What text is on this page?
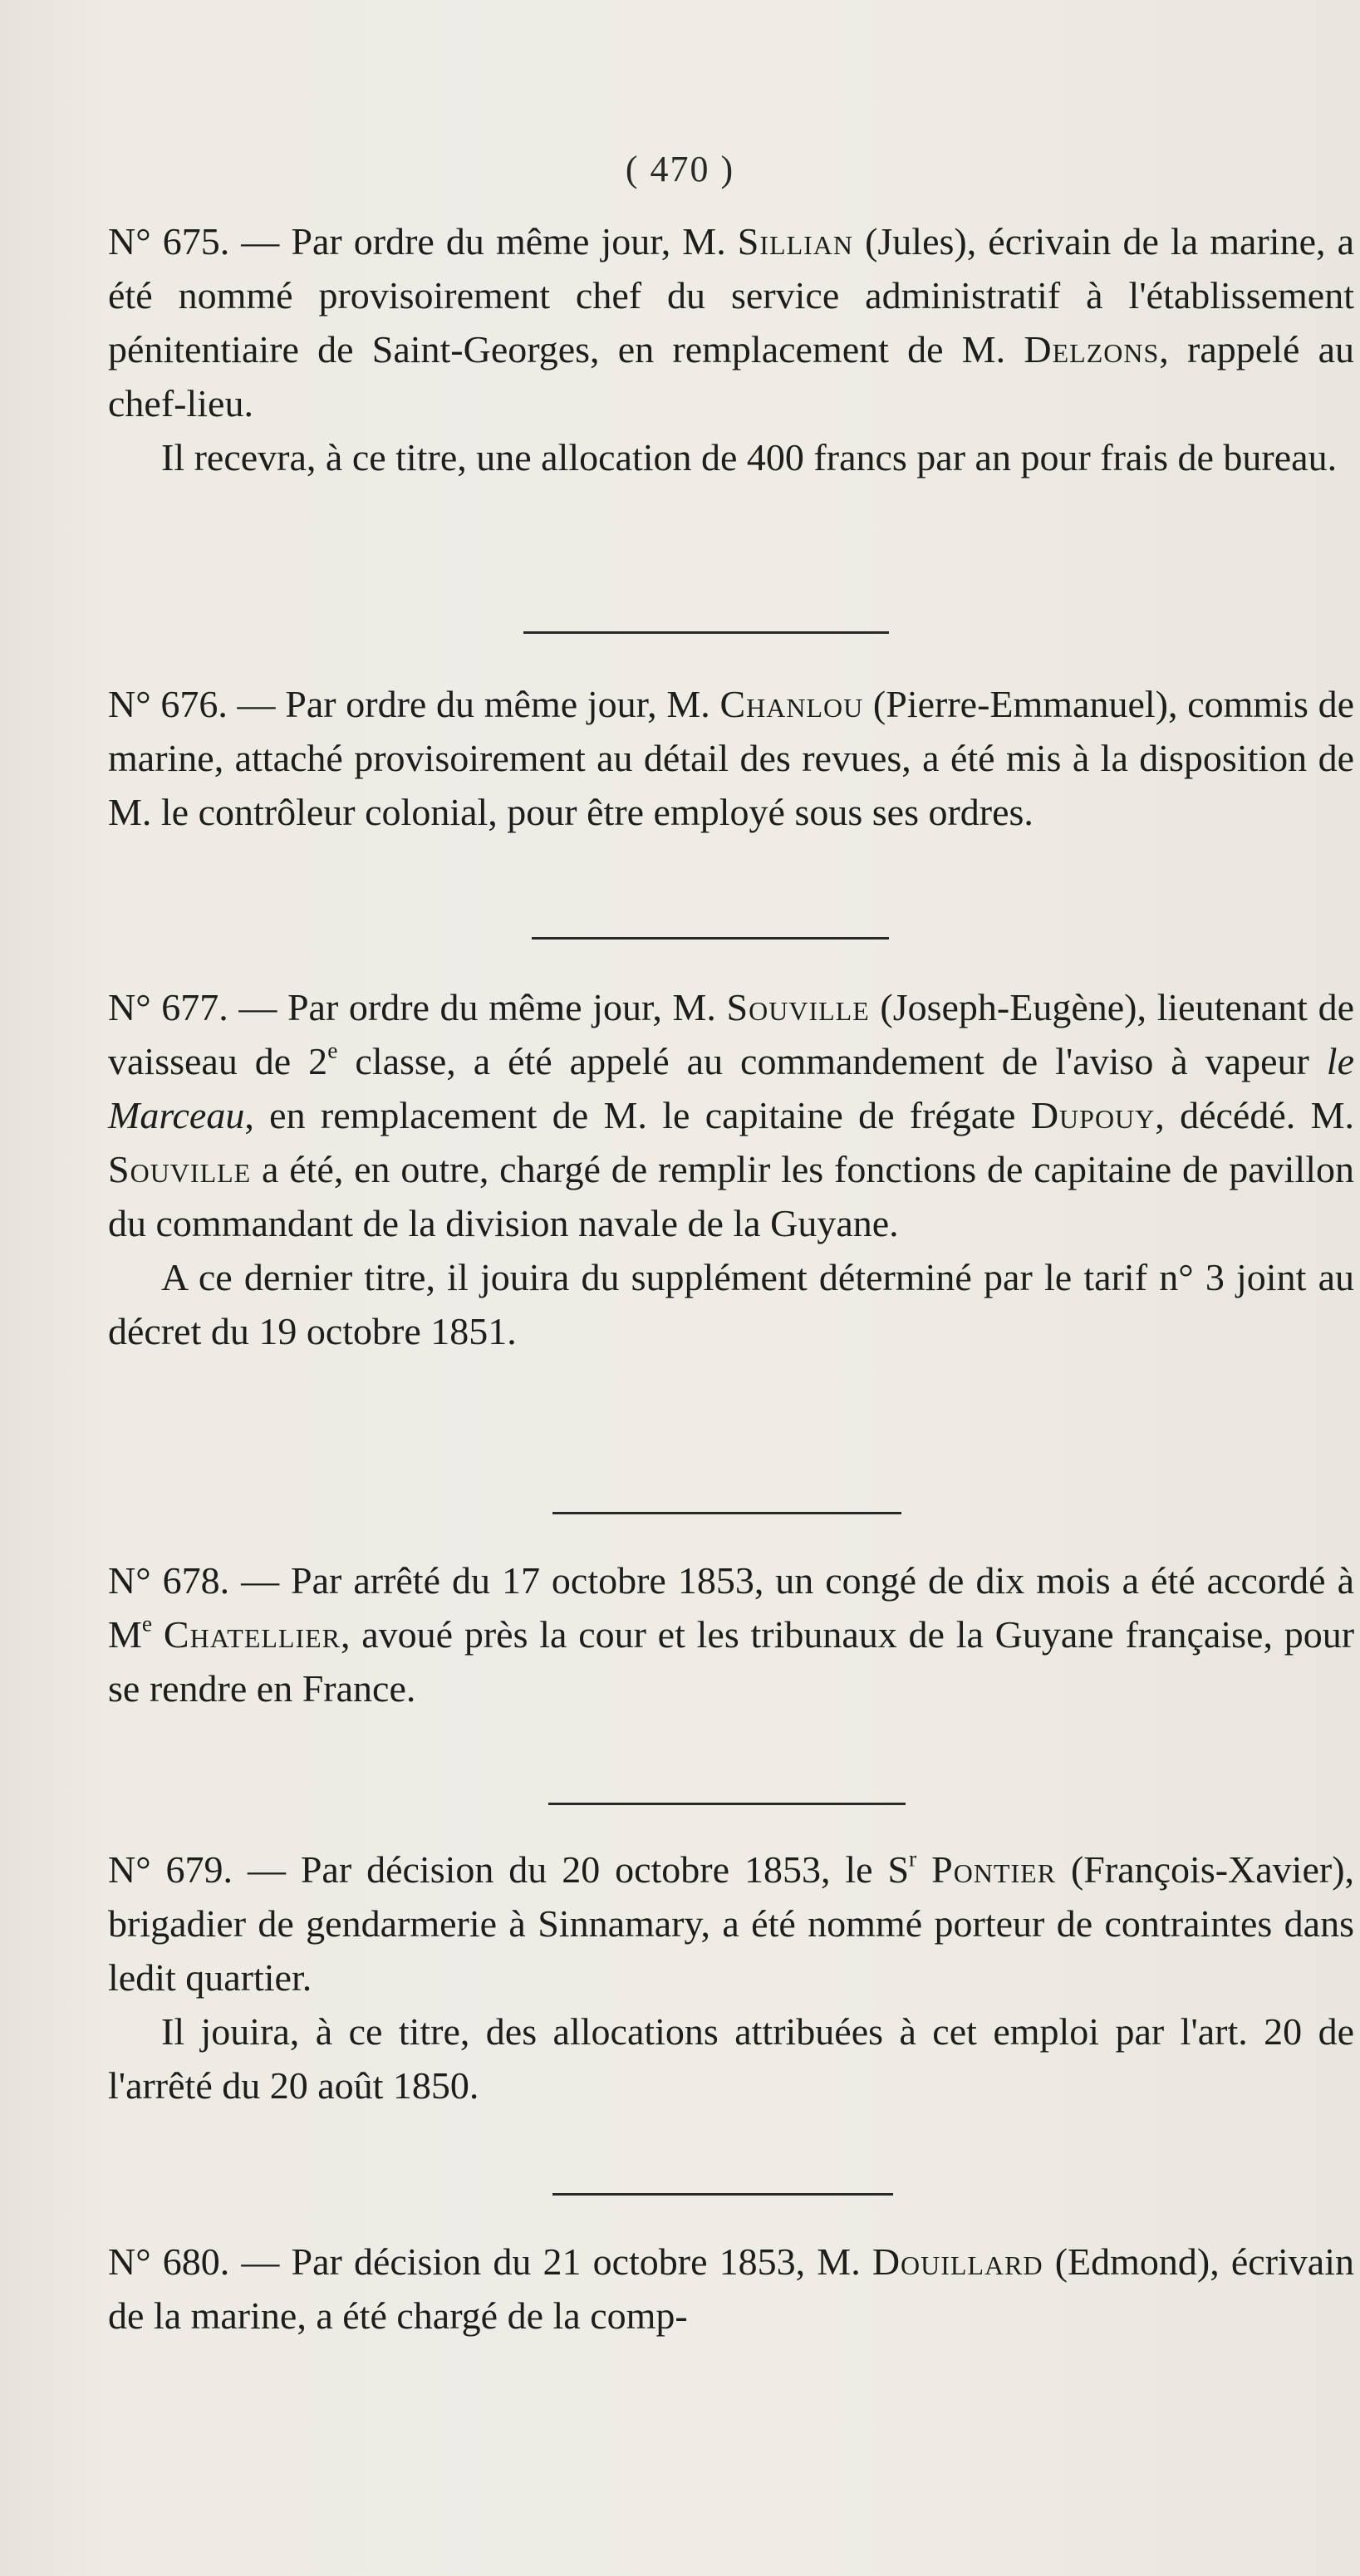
( 470 )

N° 675. — Par ordre du même jour, M. Sillian (Jules), écrivain de la marine, a été nommé provisoirement chef du service administratif à l'établissement pénitentiaire de Saint-Georges, en remplacement de M. Delzons, rappelé au chef-lieu.

Il recevra, à ce titre, une allocation de 400 francs par an pour frais de bureau.

N° 676. — Par ordre du même jour, M. Chanlou (Pierre-Emmanuel), commis de marine, attaché provisoirement au détail des revues, a été mis à la disposition de M. le contrôleur colonial, pour être employé sous ses ordres.

N° 677. — Par ordre du même jour, M. Souville (Joseph-Eugène), lieutenant de vaisseau de 2e classe, a été appelé au commandement de l'aviso à vapeur le Marceau, en remplacement de M. le capitaine de frégate Dupouy, décédé. M. Souville a été, en outre, chargé de remplir les fonctions de capitaine de pavillon du commandant de la division navale de la Guyane.

A ce dernier titre, il jouira du supplément déterminé par le tarif n° 3 joint au décret du 19 octobre 1851.

N° 678. — Par arrêté du 17 octobre 1853, un congé de dix mois a été accordé à Me Chatellier, avoué près la cour et les tribunaux de la Guyane française, pour se rendre en France.

N° 679. — Par décision du 20 octobre 1853, le $S^r$ Pontier (François-Xavier), brigadier de gendarmerie à Sinnamary, a été nommé porteur de contraintes dans ledit quartier.

Il jouira, à ce titre, des allocations attribuées à cet emploi par l'art. 20 de l'arrêté du 20 août 1850.

N° 680. — Par décision du 21 octobre 1853, M. Douillard (Edmond), écrivain de la marine, a été chargé de la comp-
